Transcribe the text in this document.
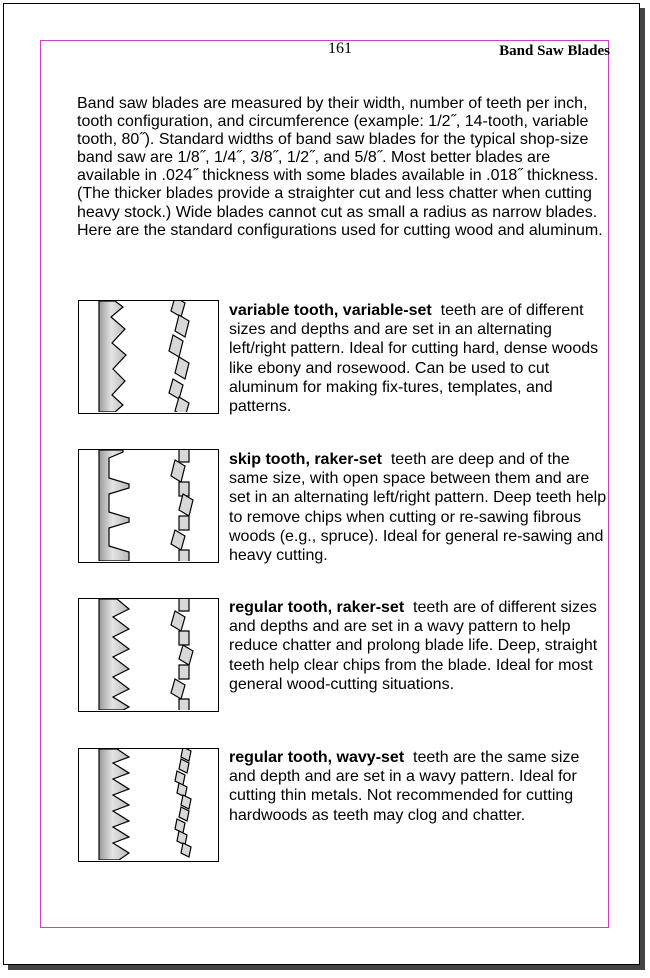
161	Band Saw Blades

Band saw blades are measured by their width, number of teeth per inch, tooth configuration, and circumference (example: 1/2˝, 14-tooth, variable tooth, 80˝). Standard widths of band saw blades for the typical shop-size band saw are 1/8˝, 1/4˝, 3/8˝, 1/2˝, and 5/8˝. Most better blades are available in .024˝ thickness with some blades available in .018˝ thickness. (The thicker blades provide a straighter cut and less chatter when cutting heavy stock.) Wide blades cannot cut as small a radius as narrow blades. Here are the standard configurations used for cutting wood and aluminum.

variable tooth, variable-set teeth are of different sizes and depths and are set in an alternating left/right pattern. Ideal for cutting hard, dense woods like ebony and rosewood. Can be used to cut aluminum for making fix-tures, templates, and patterns.

skip tooth, raker-set teeth are deep and of the same size, with open space between them and are set in an alternating left/right pattern. Deep teeth help to remove chips when cutting or re-sawing fibrous woods (e.g., spruce). Ideal for general re-sawing and heavy cutting.

regular tooth, raker-set teeth are of different sizes and depths and are set in a wavy pattern to help reduce chatter and prolong blade life. Deep, straight teeth help clear chips from the blade. Ideal for most general wood-cutting situations.

regular tooth, wavy-set teeth are the same size and depth and are set in a wavy pattern. Ideal for cutting thin metals. Not recommended for cutting hardwoods as teeth may clog and chatter.
